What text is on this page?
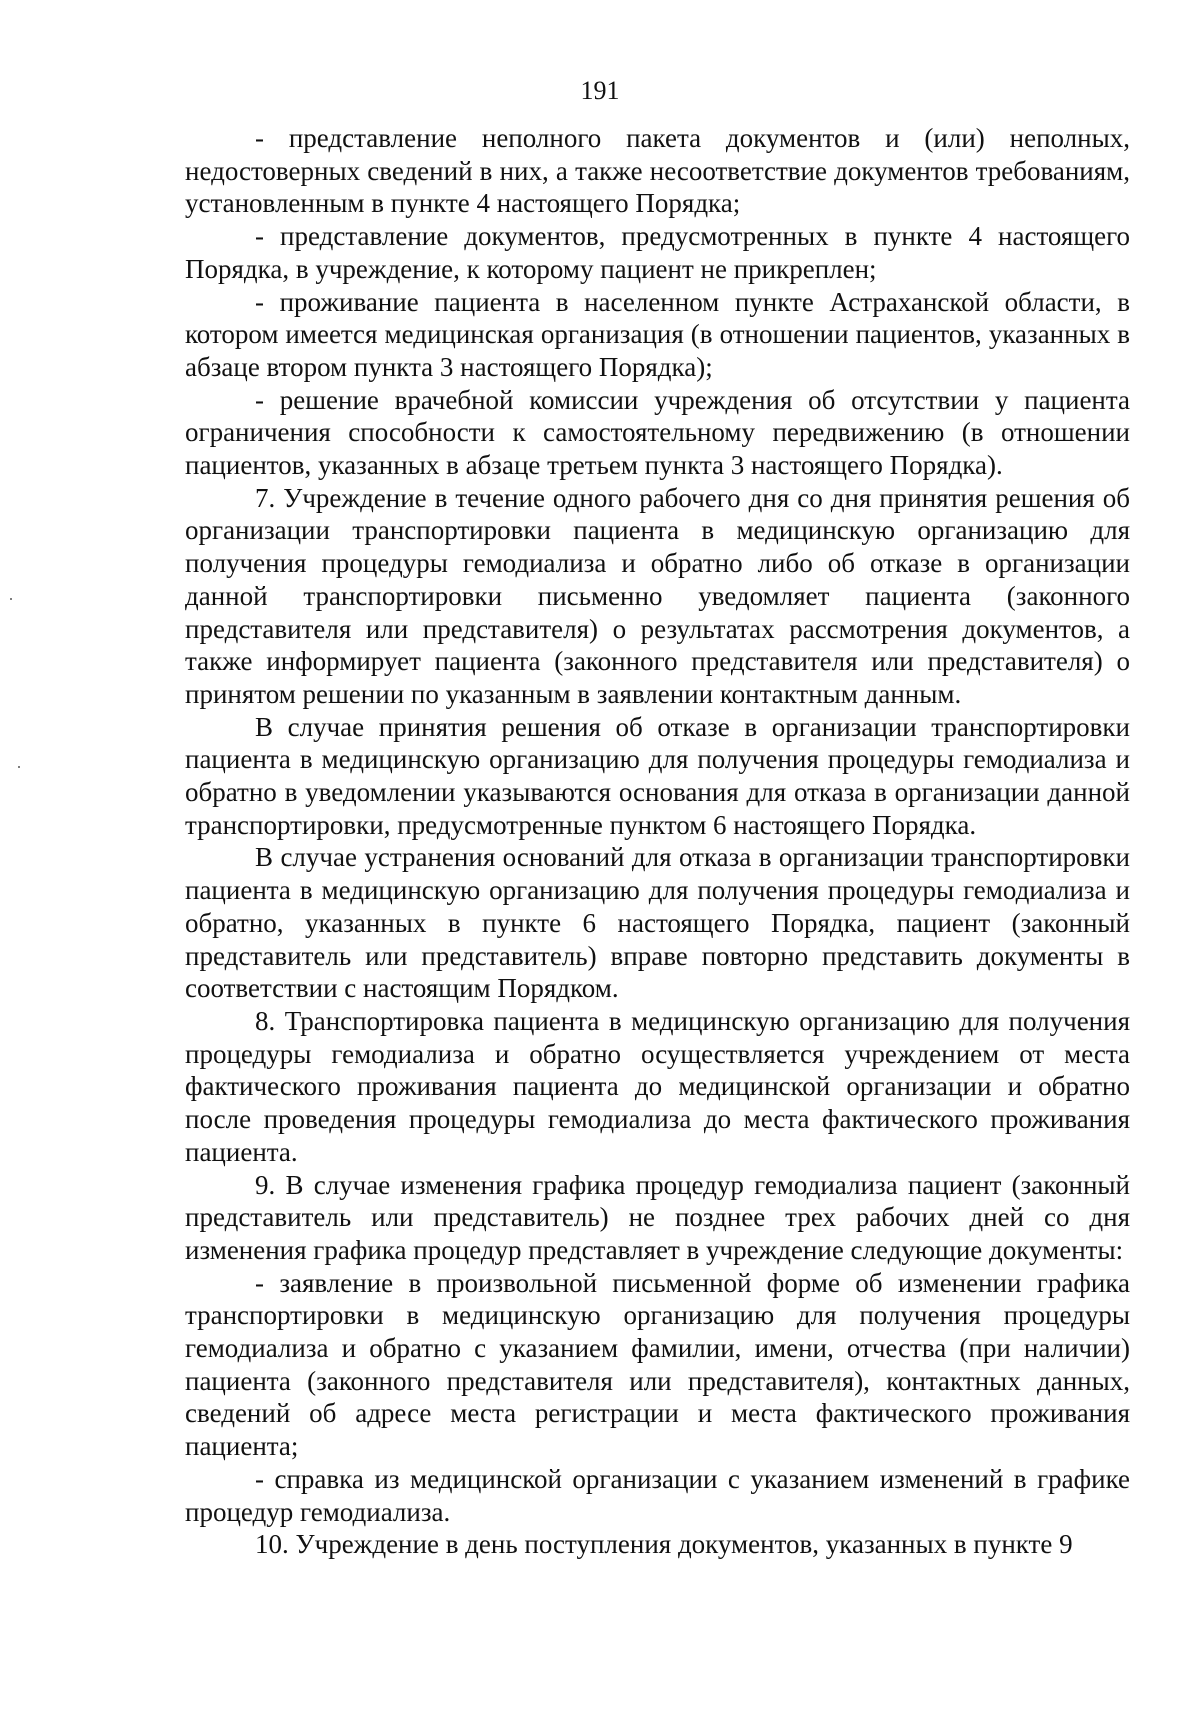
191

- представление неполного пакета документов и (или) неполных, недостоверных сведений в них, а также несоответствие документов требованиям, установленным в пункте 4 настоящего Порядка;

- представление документов, предусмотренных в пункте 4 настоящего Порядка, в учреждение, к которому пациент не прикреплен;

- проживание пациента в населенном пункте Астраханской области, в котором имеется медицинская организация (в отношении пациентов, указанных в абзаце втором пункта 3 настоящего Порядка);

- решение врачебной комиссии учреждения об отсутствии у пациента ограничения способности к самостоятельному передвижению (в отношении пациентов, указанных в абзаце третьем пункта 3 настоящего Порядка).

7. Учреждение в течение одного рабочего дня со дня принятия решения об организации транспортировки пациента в медицинскую организацию для получения процедуры гемодиализа и обратно либо об отказе в организации данной транспортировки письменно уведомляет пациента (законного представителя или представителя) о результатах рассмотрения документов, а также информирует пациента (законного представителя или представителя) о принятом решении по указанным в заявлении контактным данным.

В случае принятия решения об отказе в организации транспортировки пациента в медицинскую организацию для получения процедуры гемодиализа и обратно в уведомлении указываются основания для отказа в организации данной транспортировки, предусмотренные пунктом 6 настоящего Порядка.

В случае устранения оснований для отказа в организации транспортировки пациента в медицинскую организацию для получения процедуры гемодиализа и обратно, указанных в пункте 6 настоящего Порядка, пациент (законный представитель или представитель) вправе повторно представить документы в соответствии с настоящим Порядком.

8. Транспортировка пациента в медицинскую организацию для получения процедуры гемодиализа и обратно осуществляется учреждением от места фактического проживания пациента до медицинской организации и обратно после проведения процедуры гемодиализа до места фактического проживания пациента.

9. В случае изменения графика процедур гемодиализа пациент (законный представитель или представитель) не позднее трех рабочих дней со дня изменения графика процедур представляет в учреждение следующие документы:

- заявление в произвольной письменной форме об изменении графика транспортировки в медицинскую организацию для получения процедуры гемодиализа и обратно с указанием фамилии, имени, отчества (при наличии) пациента (законного представителя или представителя), контактных данных, сведений об адресе места регистрации и места фактического проживания пациента;

- справка из медицинской организации с указанием изменений в графике процедур гемодиализа.

10. Учреждение в день поступления документов, указанных в пункте 9
